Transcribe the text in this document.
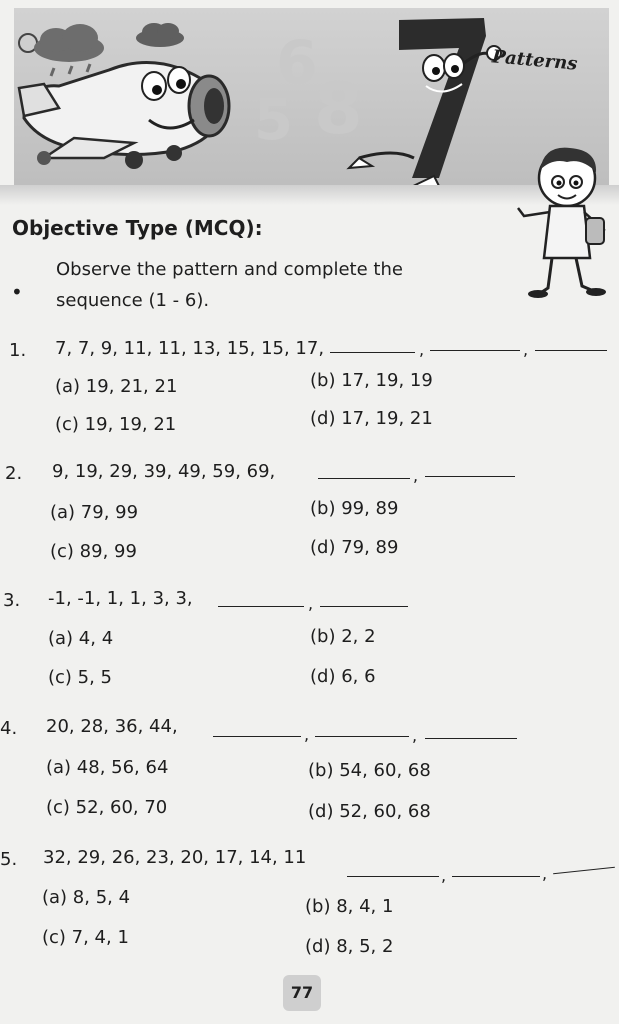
6
8
5
Patterns
Objective Type (MCQ):
•
Observe the pattern and complete the
sequence (1 - 6).
1. 7, 7, 9, 11, 11, 13, 15, 15, 17,	,	,
(a) 19, 21, 21	(b) 17, 19, 19
(c) 19, 19, 21	(d) 17, 19, 21
2. 9, 19, 29, 39, 49, 59, 69,	,
(a) 79, 99	(b) 99, 89
(c) 89, 99	(d) 79, 89
3. -1, -1, 1, 1, 3, 3,	,
(a) 4, 4	(b) 2, 2
(c) 5, 5	(d) 6, 6
4. 20, 28, 36, 44,	,	,
(a) 48, 56, 64	(b) 54, 60, 68
(c) 52, 60, 70	(d) 52, 60, 68
5. 32, 29, 26, 23, 20, 17, 14, 11
,	,
(a) 8, 5, 4	(b) 8, 4, 1
(c) 7, 4, 1	(d) 8, 5, 2
77
